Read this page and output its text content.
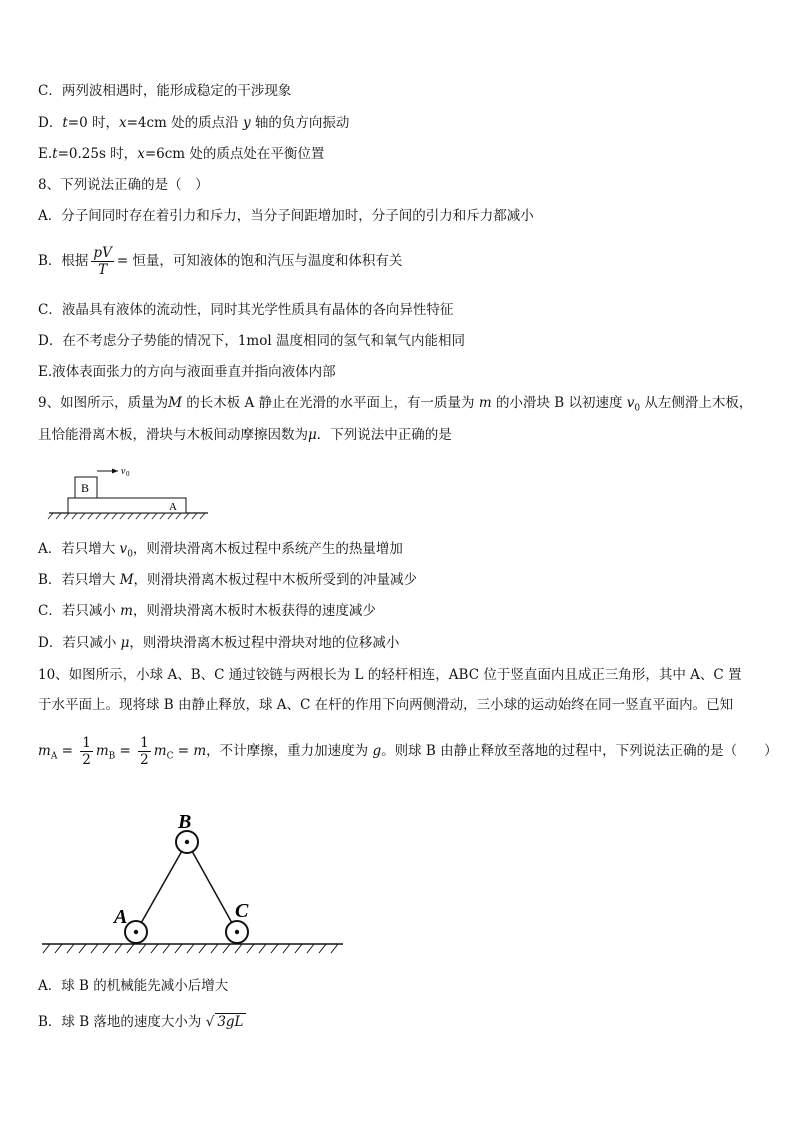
C．两列波相遇时，能形成稳定的干涉现象
D．t=0 时，x=4cm 处的质点沿 y 轴的负方向振动
E.t=0.25s 时，x=6cm 处的质点处在平衡位置
8、下列说法正确的是（　）
A．分子间同时存在着引力和斥力，当分子间距增加时，分子间的引力和斥力都减小
B．根据 $\frac{pV}{T}$ = 恒量，可知液体的饱和汽压与温度和体积有关
C．液晶具有液体的流动性，同时其光学性质具有晶体的各向异性特征
D．在不考虑分子势能的情况下，1mol 温度相同的氢气和氧气内能相同
E.液体表面张力的方向与液面垂直并指向液体内部
9、如图所示，质量为M 的长木板 A 静止在光滑的水平面上，有一质量为 m 的小滑块 B 以初速度 $v_0$ 从左侧滑上木板，
且恰能滑离木板，滑块与木板间动摩擦因数为μ．下列说法中正确的是
B
A
v 0
A．若只增大 $v_0$，则滑块滑离木板过程中系统产生的热量增加
B．若只增大 M，则滑块滑离木板过程中木板所受到的冲量减少
C．若只减小 m，则滑块滑离木板时木板获得的速度减少
D．若只减小 μ，则滑块滑离木板过程中滑块对地的位移减小
10、如图所示，小球 A、B、C 通过铰链与两根长为 L 的轻杆相连，ABC 位于竖直面内且成正三角形，其中 A、C 置
于水平面上。现将球 B 由静止释放，球 A、C 在杆的作用下向两侧滑动，三小球的运动始终在同一竖直平面内。已知
$m_A = \frac{1}{2} m_B = \frac{1}{2} m_C = m$，不计摩擦，重力加速度为 g。则球 B 由静止释放至落地的过程中，下列说法正确的是（　　）
A
B
C
A．球 B 的机械能先减小后增大
B．球 B 落地的速度大小为 √ 3gL
